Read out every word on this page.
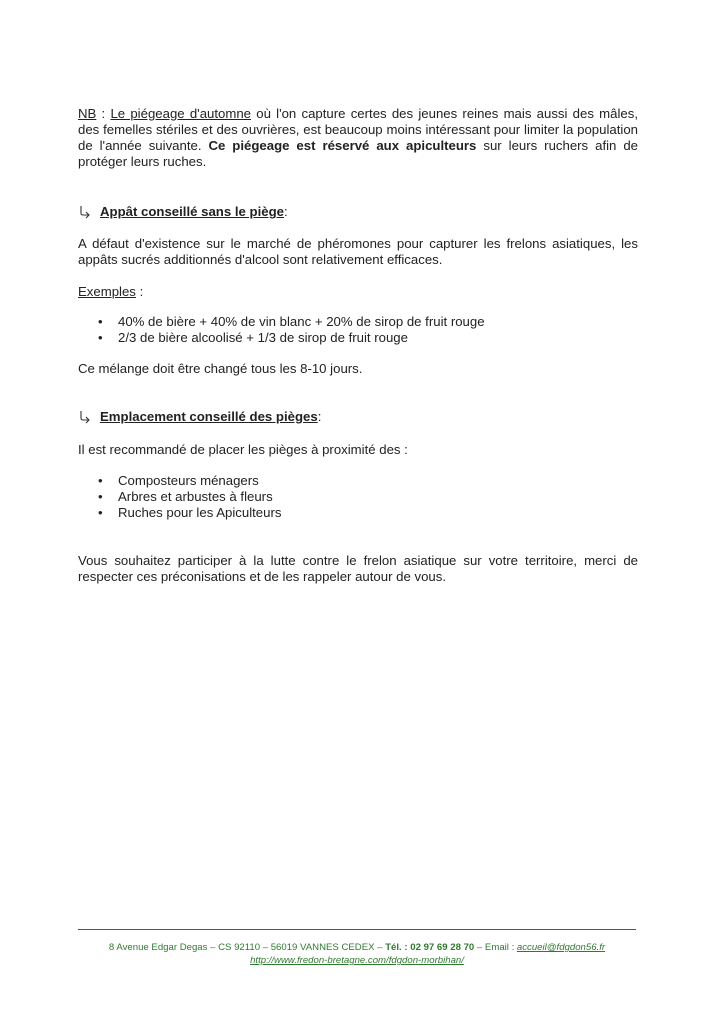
NB : Le piégeage d'automne où l'on capture certes des jeunes reines mais aussi des mâles, des femelles stériles et des ouvrières, est beaucoup moins intéressant pour limiter la population de l'année suivante. Ce piégeage est réservé aux apiculteurs sur leurs ruchers afin de protéger leurs ruches.

Appât conseillé sans le piège :

A défaut d'existence sur le marché de phéromones pour capturer les frelons asiatiques, les appâts sucrés additionnés d'alcool sont relativement efficaces.

Exemples :

• 40% de bière + 40% de vin blanc + 20% de sirop de fruit rouge
• 2/3 de bière alcoolisé + 1/3 de sirop de fruit rouge

Ce mélange doit être changé tous les 8-10 jours.

Emplacement conseillé des pièges :

Il est recommandé de placer les pièges à proximité des :

• Composteurs ménagers
• Arbres et arbustes à fleurs
• Ruches pour les Apiculteurs

Vous souhaitez participer à la lutte contre le frelon asiatique sur votre territoire, merci de respecter ces préconisations et de les rappeler autour de vous.

8 Avenue Edgar Degas – CS 92110 – 56019 VANNES CEDEX – Tél. : 02 97 69 28 70 – Email : accueil@fdgdon56.fr
http://www.fredon-bretagne.com/fdgdon-morbihan/
